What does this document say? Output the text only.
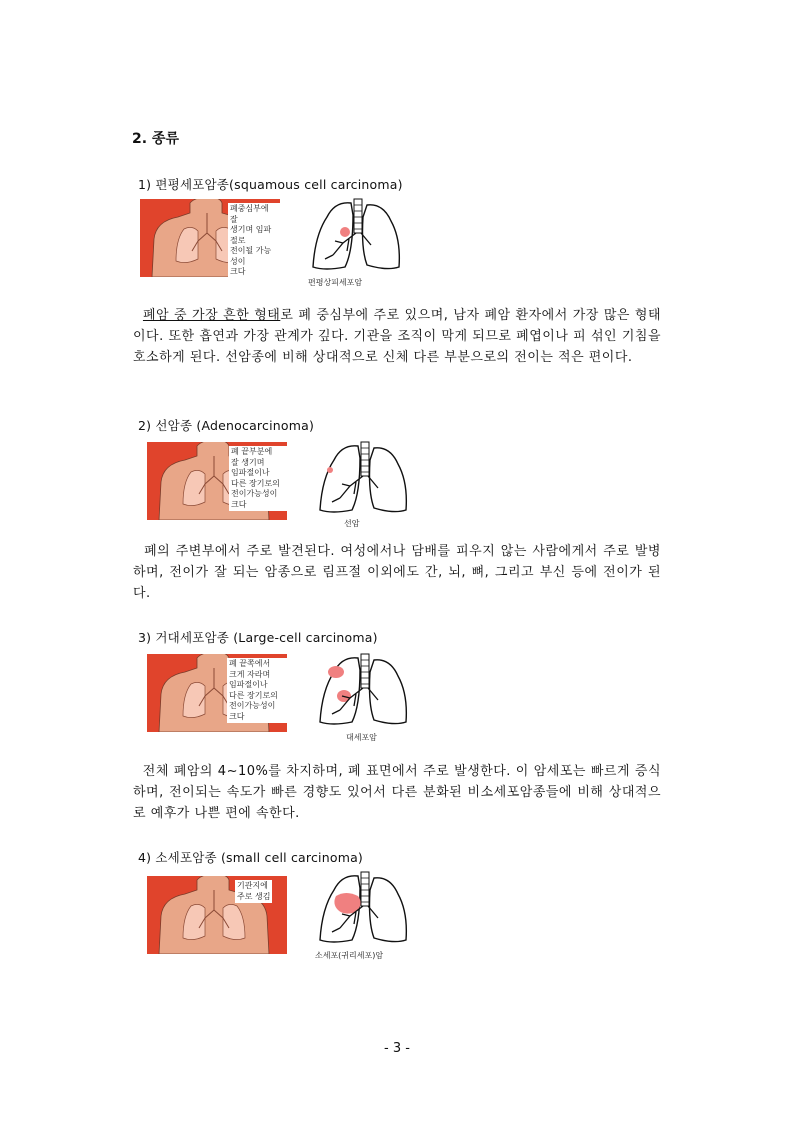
2. 종류
1) 편평세포암종(squamous cell carcinoma)
폐중심부에 잘
생기며 임파절로
전이될 가능성이
크다
편평상피세포암
폐암 중 가장 흔한 형태로 폐 중심부에 주로 있으며, 남자 폐암 환자에서 가장 많은 형태이다. 또한 흡연과 가장 관계가 깊다. 기관을 조직이 막게 되므로 폐엽이나 피 섞인 기침을 호소하게 된다. 선암종에 비해 상대적으로 신체 다른 부분으로의 전이는 적은 편이다.
2) 선암종 (Adenocarcinoma)
폐 끝부분에
잘 생기며
임파절이나
다른 장기로의
전이가능성이 크다
선암
폐의 주변부에서 주로 발견된다. 여성에서나 담배를 피우지 않는 사람에게서 주로 발병하며, 전이가 잘 되는 암종으로 림프절 이외에도 간, 뇌, 뼈, 그리고 부신 등에 전이가 된다.
3) 거대세포암종 (Large-cell carcinoma)
폐 끝쪽에서
크게 자라며
임파절이나
다른 장기로의
전이가능성이 크다
대세포암
전체 폐암의 4~10%를 차지하며, 폐 표면에서 주로 발생한다. 이 암세포는 빠르게 증식하며, 전이되는 속도가 빠른 경향도 있어서 다른 분화된 비소세포암종들에 비해 상대적으로 예후가 나쁜 편에 속한다.
4) 소세포암종 (small cell carcinoma)
기관지에
주로 생김
소세포(귀리세포)암
- 3 -
